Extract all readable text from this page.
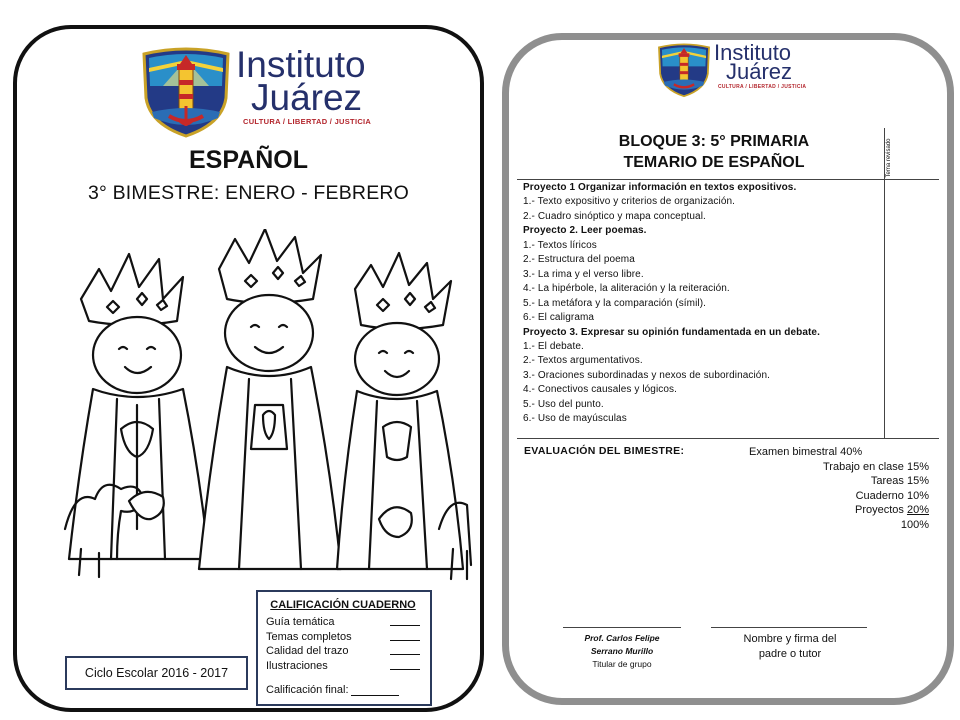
Instituto
Juárez
CULTURA / LIBERTAD / JUSTICIA
ESPAÑOL
3° BIMESTRE: ENERO - FEBRERO
Ciclo Escolar 2016 - 2017
CALIFICACIÓN CUADERNO
Guía temática
Temas completos
Calidad del trazo
Ilustraciones
Calificación final:
Instituto
Juárez
CULTURA / LIBERTAD / JUSTICIA
BLOQUE 3: 5° PRIMARIA
TEMARIO DE ESPAÑOL	Tema revisado
Proyecto 1 Organizar información en textos expositivos.
1.- Texto expositivo y criterios de organización.
2.- Cuadro sinóptico y mapa conceptual.
Proyecto 2. Leer poemas.
1.- Textos líricos
2.- Estructura del poema
3.- La rima y el verso libre.
4.- La hipérbole, la aliteración y la reiteración.
5.- La metáfora y la comparación (símil).
6.- El caligrama
Proyecto 3. Expresar su opinión fundamentada en un debate.
1.- El debate.
2.- Textos argumentativos.
3.- Oraciones subordinadas y nexos de subordinación.
4.- Conectivos causales y lógicos.
5.- Uso del punto.
6.- Uso de mayúsculas
EVALUACIÓN DEL BIMESTRE:	Examen bimestral 40%
Trabajo en clase 15%
Tareas 15%
Cuaderno 10%
Proyectos 20%
100%
Prof. Carlos Felipe
Serrano Murillo
Titular de grupo
Nombre y firma del
padre o tutor
